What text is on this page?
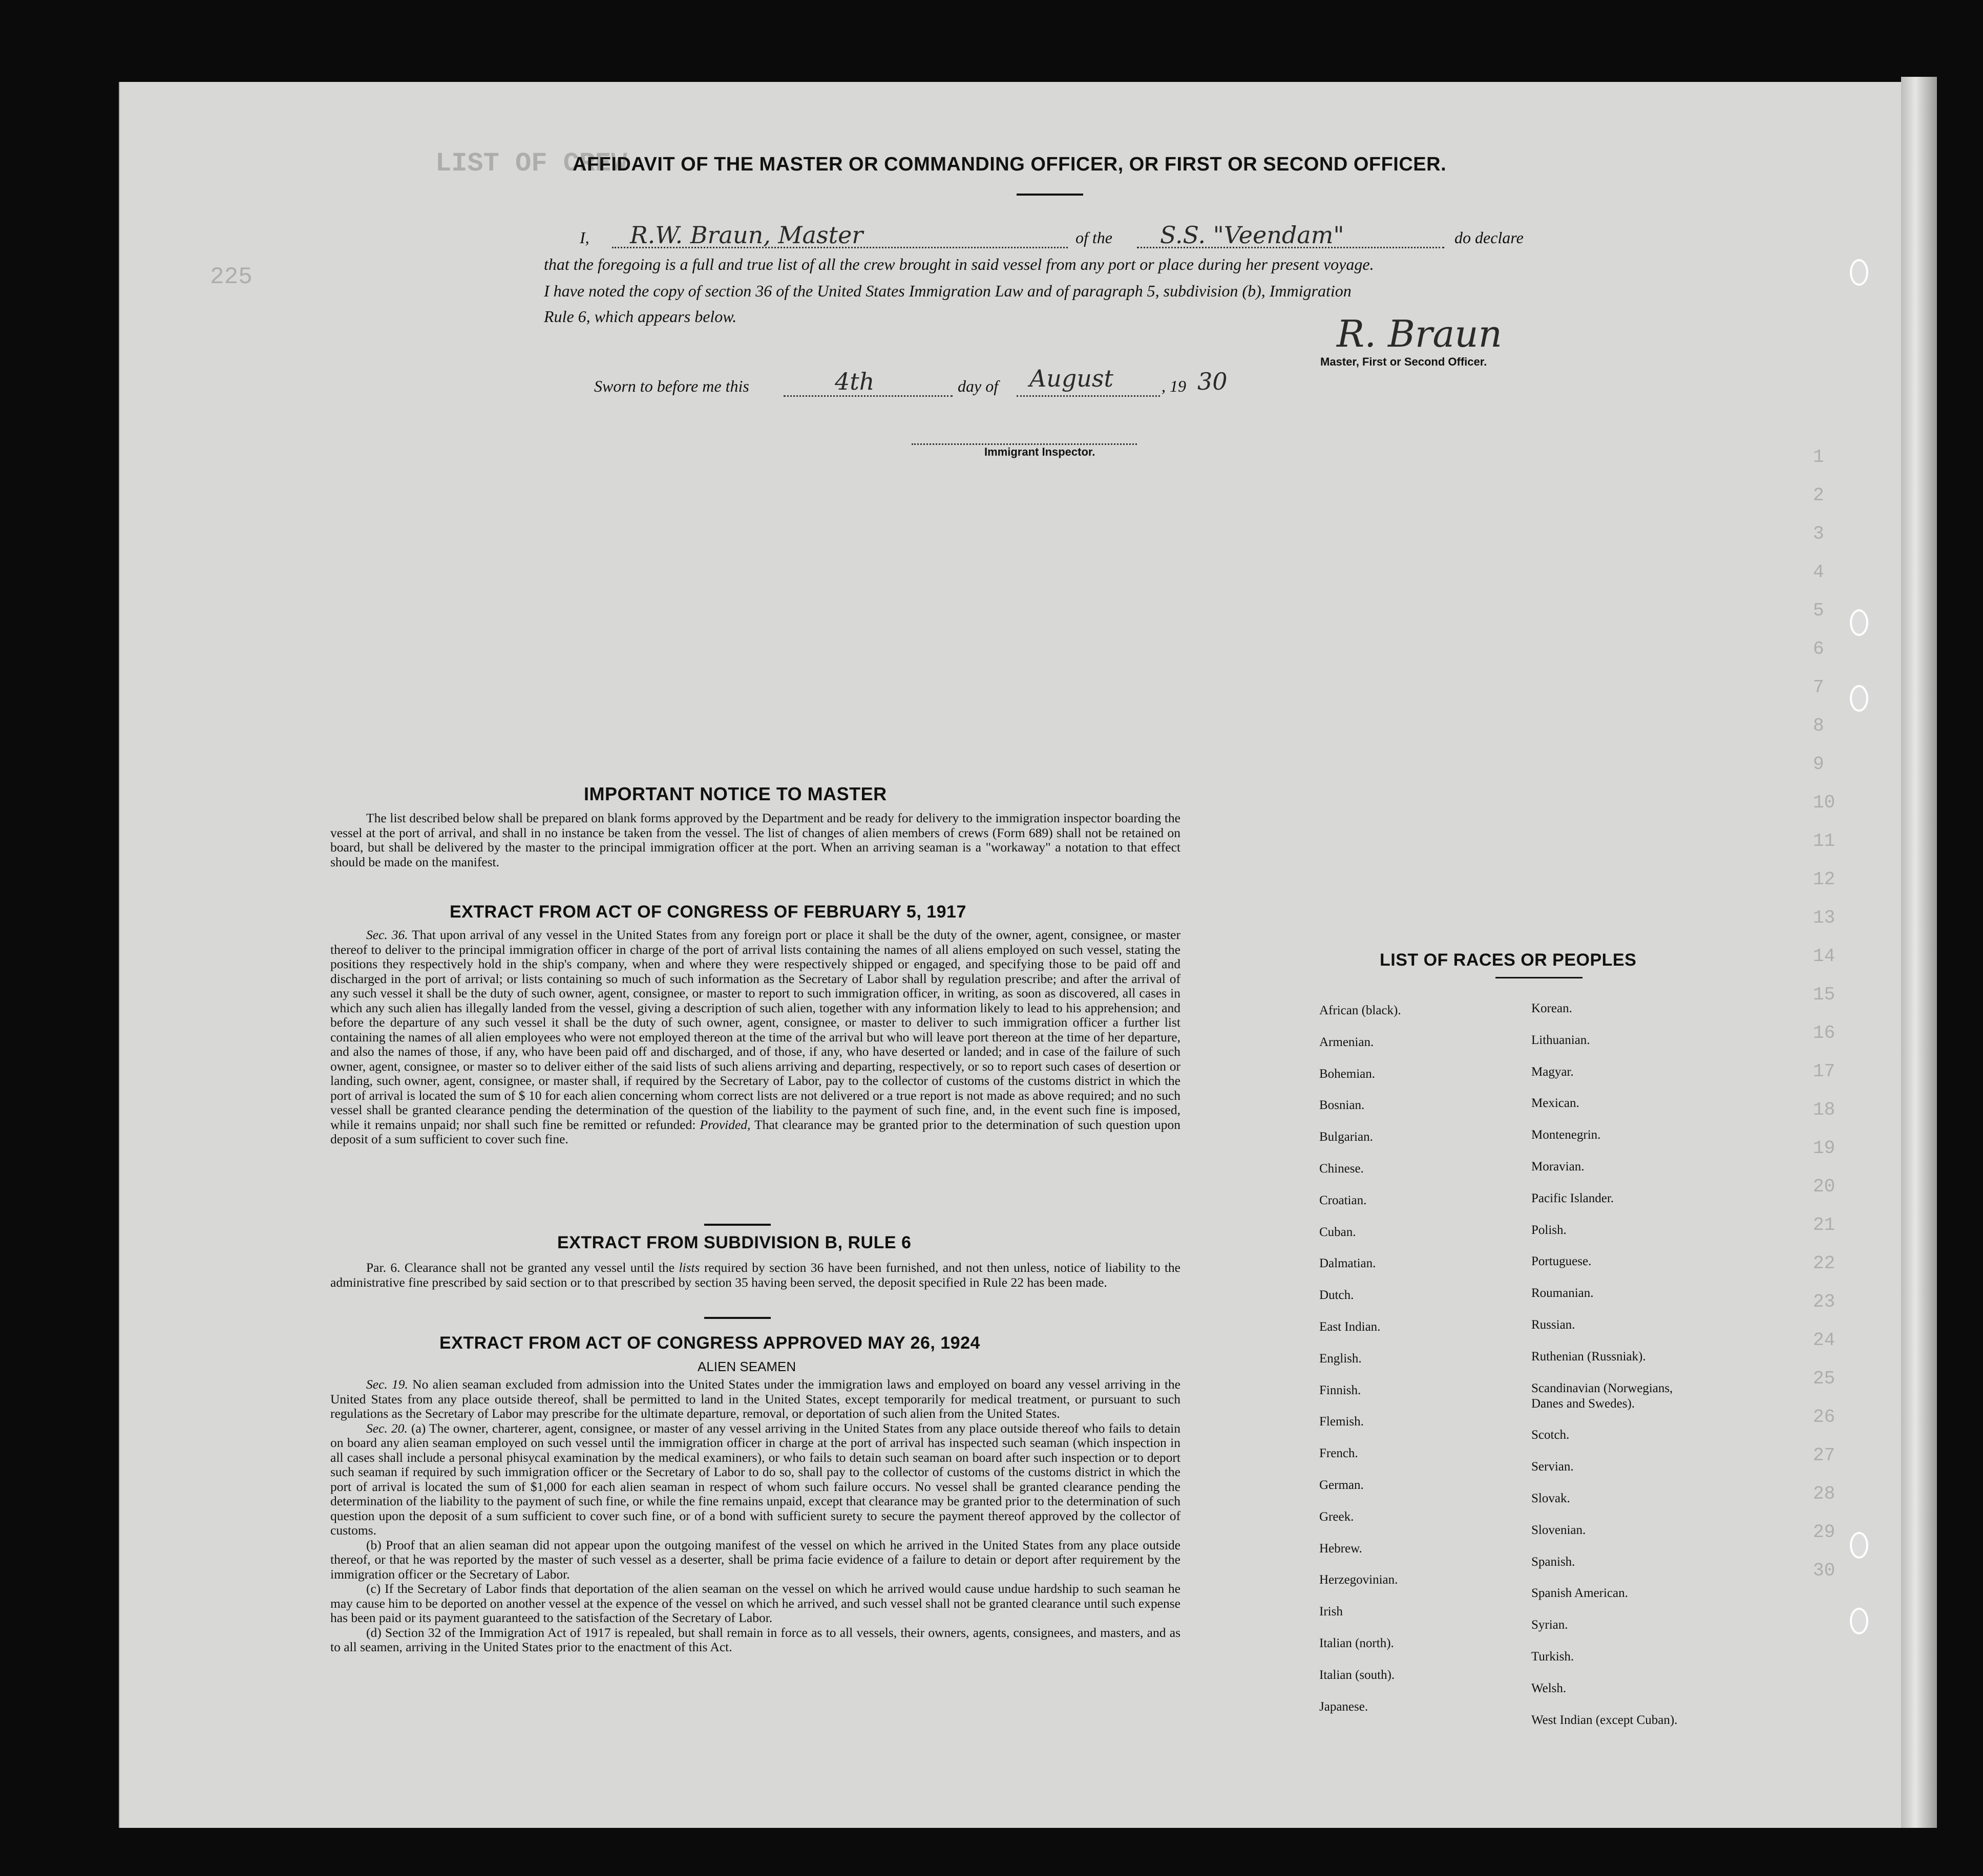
LIST OF CREW
225
1
2
3
4
5
6
7
8
9
10
11
12
13
14
15
16
17
18
19
20
21
22
23
24
25
26
27
28
29
30
AFFIDAVIT OF THE MASTER OR COMMANDING OFFICER, OR FIRST OR SECOND OFFICER.
I, R.W. Braun, Master	of the S.S. "Veendam"	do declare
that the foregoing is a full and true list of all the crew brought in said vessel from any port or place during her present voyage.
I have noted the copy of section 36 of the United States Immigration Law and of paragraph 5, subdivision (b), Immigration
Rule 6, which appears below.	R. Braun
Master, First or Second Officer.
Sworn to before me this	4th	day of August	, 19 30
Immigrant Inspector.
IMPORTANT NOTICE TO MASTER

The list described below shall be prepared on blank forms approved by the Department and be ready for delivery to the immigration inspector boarding the vessel at the port of arrival, and shall in no instance be taken from the vessel. The list of changes of alien members of crews (Form 689) shall not be retained on board, but shall be delivered by the master to the principal immigration officer at the port. When an arriving seaman is a "workaway" a notation to that effect should be made on the manifest.

EXTRACT FROM ACT OF CONGRESS OF FEBRUARY 5, 1917

Sec. 36. That upon arrival of any vessel in the United States from any foreign port or place it shall be the duty of the owner, agent, consignee, or master thereof to deliver to the principal immigration officer in charge of the port of arrival lists containing the names of all aliens employed on such vessel, stating the positions they respectively hold in the ship's company, when and where they were respectively shipped or engaged, and specifying those to be paid off and discharged in the port of arrival; or lists containing so much of such information as the Secretary of Labor shall by regulation prescribe; and after the arrival of any such vessel it shall be the duty of such owner, agent, consignee, or master to report to such immigration officer, in writing, as soon as discovered, all cases in which any such alien has illegally landed from the vessel, giving a description of such alien, together with any information likely to lead to his apprehension; and before the departure of any such vessel it shall be the duty of such owner, agent, consignee, or master to deliver to such immigration officer a further list containing the names of all alien employees who were not employed thereon at the time of the arrival but who will leave port thereon at the time of her departure, and also the names of those, if any, who have been paid off and discharged, and of those, if any, who have deserted or landed; and in case of the failure of such owner, agent, consignee, or master so to deliver either of the said lists of such aliens arriving and departing, respectively, or so to report such cases of desertion or landing, such owner, agent, consignee, or master shall, if required by the Secretary of Labor, pay to the collector of customs of the customs district in which the port of arrival is located the sum of $ 10 for each alien concerning whom correct lists are not delivered or a true report is not made as above required; and no such vessel shall be granted clearance pending the determination of the question of the liability to the payment of such fine, and, in the event such fine is imposed, while it remains unpaid; nor shall such fine be remitted or refunded: Provided, That clearance may be granted prior to the determination of such question upon deposit of a sum sufficient to cover such fine.

EXTRACT FROM SUBDIVISION B, RULE 6

Par. 6. Clearance shall not be granted any vessel until the lists required by section 36 have been furnished, and not then unless, notice of liability to the administrative fine prescribed by said section or to that prescribed by section 35 having been served, the deposit specified in Rule 22 has been made.

EXTRACT FROM ACT OF CONGRESS APPROVED MAY 26, 1924
ALIEN SEAMEN

Sec. 19. No alien seaman excluded from admission into the United States under the immigration laws and employed on board any vessel arriving in the United States from any place outside thereof, shall be permitted to land in the United States, except temporarily for medical treatment, or pursuant to such regulations as the Secretary of Labor may prescribe for the ultimate departure, removal, or deportation of such alien from the United States.

Sec. 20. (a) The owner, charterer, agent, consignee, or master of any vessel arriving in the United States from any place outside thereof who fails to detain on board any alien seaman employed on such vessel until the immigration officer in charge at the port of arrival has inspected such seaman (which inspection in all cases shall include a personal phisycal examination by the medical examiners), or who fails to detain such seaman on board after such inspection or to deport such seaman if required by such immigration officer or the Secretary of Labor to do so, shall pay to the collector of customs of the customs district in which the port of arrival is located the sum of $1,000 for each alien seaman in respect of whom such failure occurs. No vessel shall be granted clearance pending the determination of the liability to the payment of such fine, or while the fine remains unpaid, except that clearance may be granted prior to the determination of such question upon the deposit of a sum sufficient to cover such fine, or of a bond with sufficient surety to secure the payment thereof approved by the collector of customs.

(b) Proof that an alien seaman did not appear upon the outgoing manifest of the vessel on which he arrived in the United States from any place outside thereof, or that he was reported by the master of such vessel as a deserter, shall be prima facie evidence of a failure to detain or deport after requirement by the immigration officer or the Secretary of Labor.

(c) If the Secretary of Labor finds that deportation of the alien seaman on the vessel on which he arrived would cause undue hardship to such seaman he may cause him to be deported on another vessel at the expence of the vessel on which he arrived, and such vessel shall not be granted clearance until such expense has been paid or its payment guaranteed to the satisfaction of the Secretary of Labor.

(d) Section 32 of the Immigration Act of 1917 is repealed, but shall remain in force as to all vessels, their owners, agents, consignees, and masters, and as to all seamen, arriving in the United States prior to the enactment of this Act.

LIST OF RACES OR PEOPLES
African (black).
Armenian.
Bohemian.
Bosnian.
Bulgarian.
Chinese.
Croatian.
Cuban.
Dalmatian.
Dutch.
East Indian.
English.
Finnish.
Flemish.
French.
German.
Greek.
Hebrew.
Herzegovinian.
Irish
Italian (north).
Italian (south).
Japanese.
Korean.
Lithuanian.
Magyar.
Mexican.
Montenegrin.
Moravian.
Pacific Islander.
Polish.
Portuguese.
Roumanian.
Russian.
Ruthenian (Russniak).
Scandinavian (Norwegians,
Danes and Swedes).
Scotch.
Servian.
Slovak.
Slovenian.
Spanish.
Spanish American.
Syrian.
Turkish.
Welsh.
West Indian (except Cuban).
